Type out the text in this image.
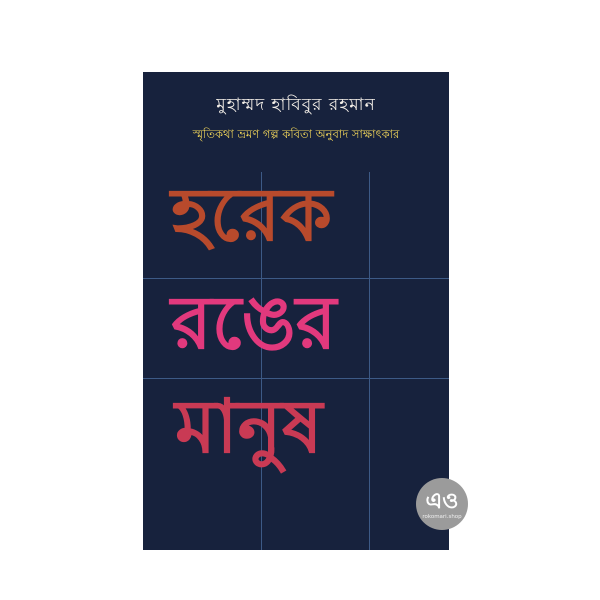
মুহাম্মদ হাবিবুর রহমান
স্মৃতিকথা ভ্রমণ গল্প কবিতা অনুবাদ সাক্ষাৎকার
হরেক
রঙের
মানুষ
এও
rokomari.shop
